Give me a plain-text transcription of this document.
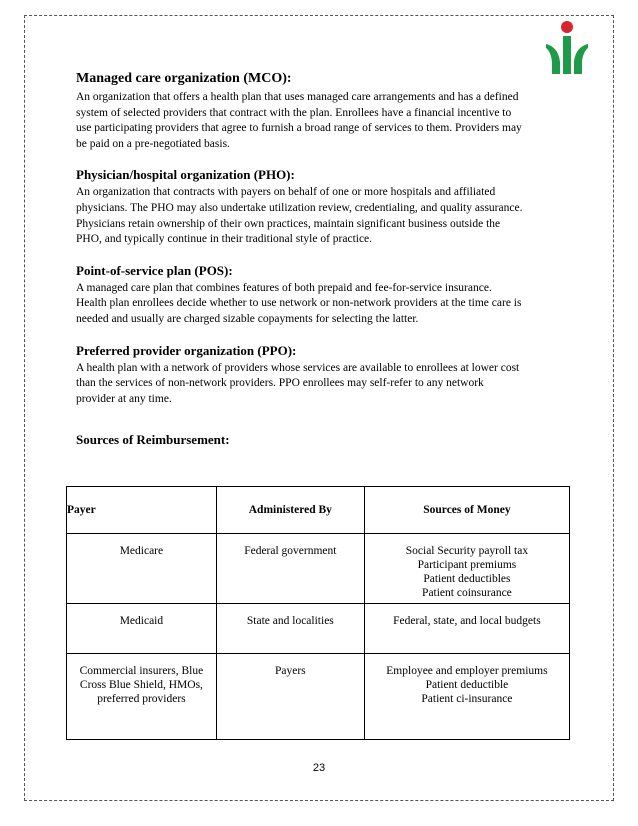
Managed care organization (MCO):

An organization that offers a health plan that uses managed care arrangements and has a defined
system of selected providers that contract with the plan. Enrollees have a financial incentive to
use participating providers that agree to furnish a broad range of services to them. Providers may
be paid on a pre-negotiated basis.

Physician/hospital organization (PHO):

An organization that contracts with payers on behalf of one or more hospitals and affiliated
physicians. The PHO may also undertake utilization review, credentialing, and quality assurance.
Physicians retain ownership of their own practices, maintain significant business outside the
PHO, and typically continue in their traditional style of practice.

Point-of-service plan (POS):

A managed care plan that combines features of both prepaid and fee-for-service insurance.
Health plan enrollees decide whether to use network or non-network providers at the time care is
needed and usually are charged sizable copayments for selecting the latter.

Preferred provider organization (PPO):

A health plan with a network of providers whose services are available to enrollees at lower cost
than the services of non-network providers. PPO enrollees may self-refer to any network
provider at any time.

Sources of Reimbursement:

Payer	Administered By	Sources of Money

Medicare	Federal government	Social Security payroll tax
Participant premiums
Patient deductibles
Patient coinsurance

Medicaid	State and localities	Federal, state, and local budgets

Commercial insurers, Blue
Cross Blue Shield, HMOs,
preferred providers	Payers	Employee and employer premiums
Patient deductible
Patient ci-insurance
23
